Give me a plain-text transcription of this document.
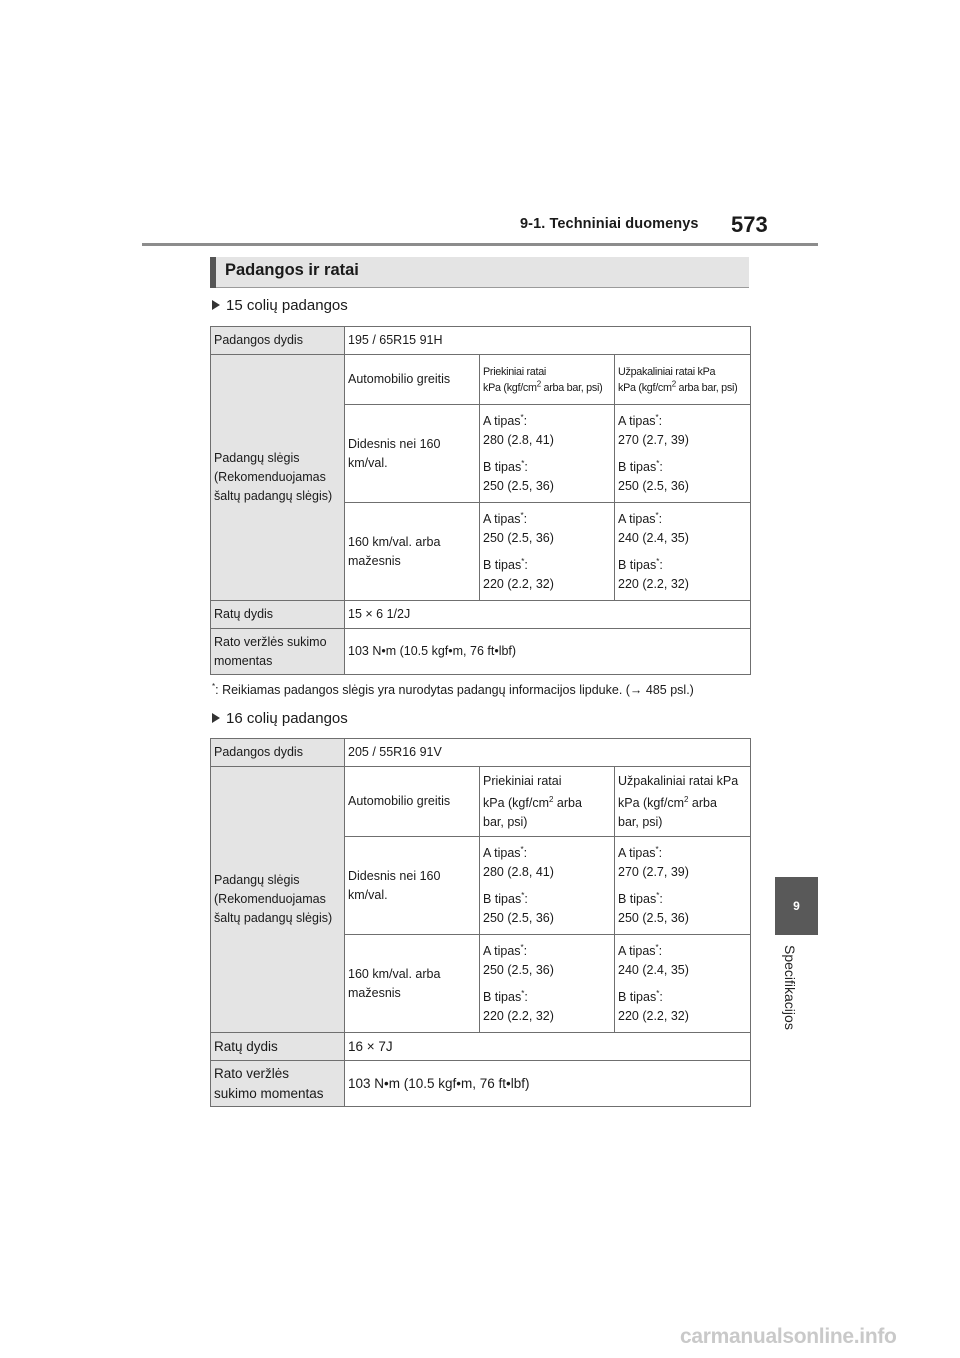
9-1. Techniniai duomenys 573
Padangos ir ratai
15 colių padangos
Padangos dydis	195 / 65R15 91H		

Padangų slėgis
(Rekomenduojamas
šaltų padangų slėgis)	Automobilio greitis	Priekiniai ratai
kPa ($kgf/cm^2$ arba bar, psi)	Užpakaliniai ratai kPa
kPa ($kgf/cm^2$ arba bar, psi)

	Didesnis nei 160
km/val.	A tipas*:
280 (2.8, 41)
B tipas*:
250 (2.5, 36)	A tipas*:
270 (2.7, 39)
B tipas*:
250 (2.5, 36)

	160 km/val. arba
mažesnis	A tipas*:
250 (2.5, 36)
B tipas*:
220 (2.2, 32)	A tipas*:
240 (2.4, 35)
B tipas*:
220 (2.2, 32)

Ratų dydis	15 × 6 1/2J		

Rato veržlės sukimo
momentas	103 N•m (10.5 kgf•m, 76 ft•lbf)		
*: Reikiamas padangos slėgis yra nurodytas padangų informacijos lipduke. (→ 485 psl.)
16 colių padangos
Padangos dydis	205 / 55R16 91V		

Padangų slėgis
(Rekomenduojamas
šaltų padangų slėgis)	Automobilio greitis	Priekiniai ratai
kPa ($kgf/cm^2$ arba
bar, psi)	Užpakaliniai ratai kPa
kPa ($kgf/cm^2$ arba
bar, psi)

	Didesnis nei 160
km/val.	A tipas*:
280 (2.8, 41)
B tipas*:
250 (2.5, 36)	A tipas*:
270 (2.7, 39)
B tipas*:
250 (2.5, 36)

	160 km/val. arba
mažesnis	A tipas*:
250 (2.5, 36)
B tipas*:
220 (2.2, 32)	A tipas*:
240 (2.4, 35)
B tipas*:
220 (2.2, 32)

Ratų dydis	16 × 7J		

Rato veržlės
sukimo momentas	103 N•m (10.5 kgf•m, 76 ft•lbf)		
9
Specifikacijos
carmanualsonline.info
